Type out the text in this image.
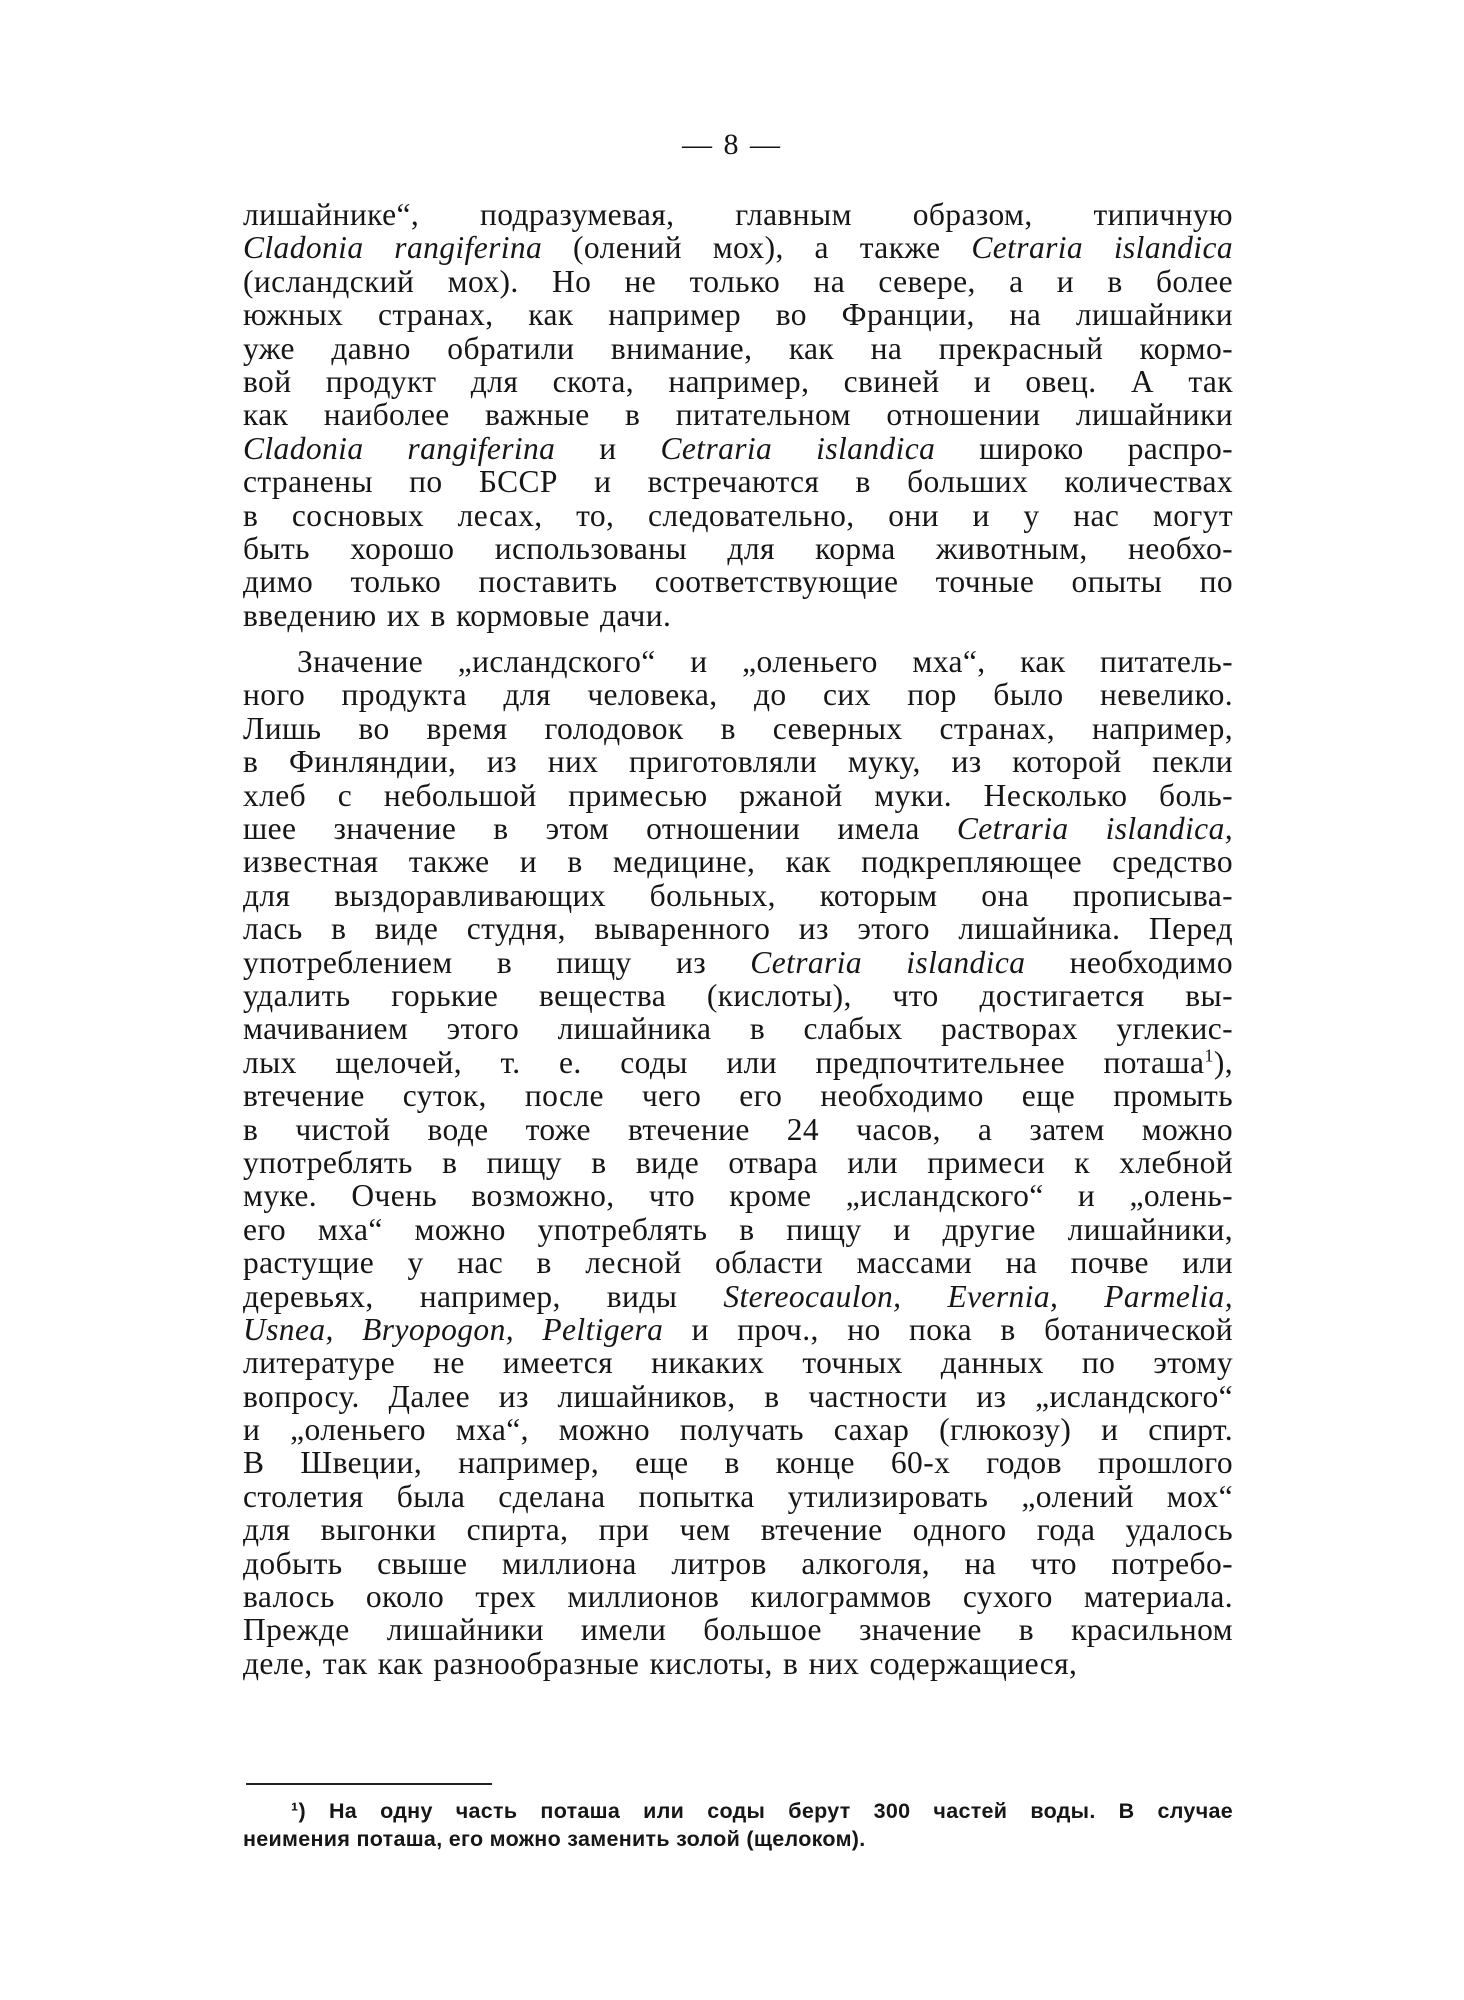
— 8 —
лишайнике“, подразумевая, главным образом, типичную
Cladonia rangiferina (олений мох), а также Cetraria islandica
(исландский мох). Но не только на севере, а и в более
южных странах, как например во Франции, на лишайники
уже давно обратили внимание, как на прекрасный кормо-
вой продукт для скота, например, свиней и овец. А так
как наиболее важные в питательном отношении лишайники
Cladonia rangiferina и Cetraria islandica широко распро-
странены по БССР и встречаются в больших количествах
в сосновых лесах, то, следовательно, они и у нас могут
быть хорошо использованы для корма животным, необхо-
димо только поставить соответствующие точные опыты по
введению их в кормовые дачи.
Значение „исландского“ и „оленьего мха“, как питатель-
ного продукта для человека, до сих пор было невелико.
Лишь во время голодовок в северных странах, например,
в Финляндии, из них приготовляли муку, из которой пекли
хлеб с небольшой примесью ржаной муки. Несколько боль-
шее значение в этом отношении имела Cetraria islandica,
известная также и в медицине, как подкрепляющее средство
для выздоравливающих больных, которым она прописыва-
лась в виде студня, вываренного из этого лишайника. Перед
употреблением в пищу из Cetraria islandica необходимо
удалить горькие вещества (кислоты), что достигается вы-
мачиванием этого лишайника в слабых растворах углекис-
лых щелочей, т. е. соды или предпочтительнее поташа$^1$),
втечение суток, после чего его необходимо еще промыть
в чистой воде тоже втечение 24 часов, а затем можно
употреблять в пищу в виде отвара или примеси к хлебной
муке. Очень возможно, что кроме „исландского“ и „олень-
его мха“ можно употреблять в пищу и другие лишайники,
растущие у нас в лесной области массами на почве или
деревьях, например, виды Stereocaulon, Evernia, Parmelia,
Usnea, Bryopogon, Peltigera и проч., но пока в ботанической
литературе не имеется никаких точных данных по этому
вопросу. Далее из лишайников, в частности из „исландского“
и „оленьего мха“, можно получать сахар (глюкозу) и спирт.
В Швеции, например, еще в конце 60-х годов прошлого
столетия была сделана попытка утилизировать „олений мох“
для выгонки спирта, при чем втечение одного года удалось
добыть свыше миллиона литров алкоголя, на что потребо-
валось около трех миллионов килограммов сухого материала.
Прежде лишайники имели большое значение в красильном
деле, так как разнообразные кислоты, в них содержащиеся,
¹) На одну часть поташа или соды берут 300 частей воды. В случае
неимения поташа, его можно заменить золой (щелоком).
